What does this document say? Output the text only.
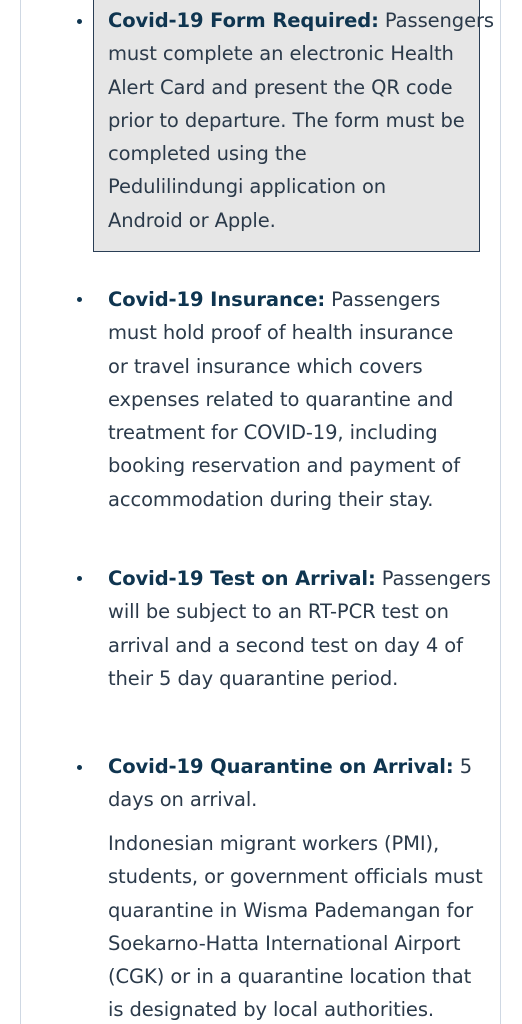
Covid-19 Form Required: Passengers
must complete an electronic Health
Alert Card and present the QR code
prior to departure. The form must be
completed using the
Pedulilindungi application on
Android or Apple.
Covid-19 Insurance: Passengers
must hold proof of health insurance
or travel insurance which covers
expenses related to quarantine and
treatment for COVID-19, including
booking reservation and payment of
accommodation during their stay.
Covid-19 Test on Arrival: Passengers
will be subject to an RT-PCR test on
arrival and a second test on day 4 of
their 5 day quarantine period.
Covid-19 Quarantine on Arrival: 5
days on arrival.
Indonesian migrant workers (PMI),
students, or government officials must
quarantine in Wisma Pademangan for
Soekarno-Hatta International Airport
(CGK) or in a quarantine location that
is designated by local authorities.
